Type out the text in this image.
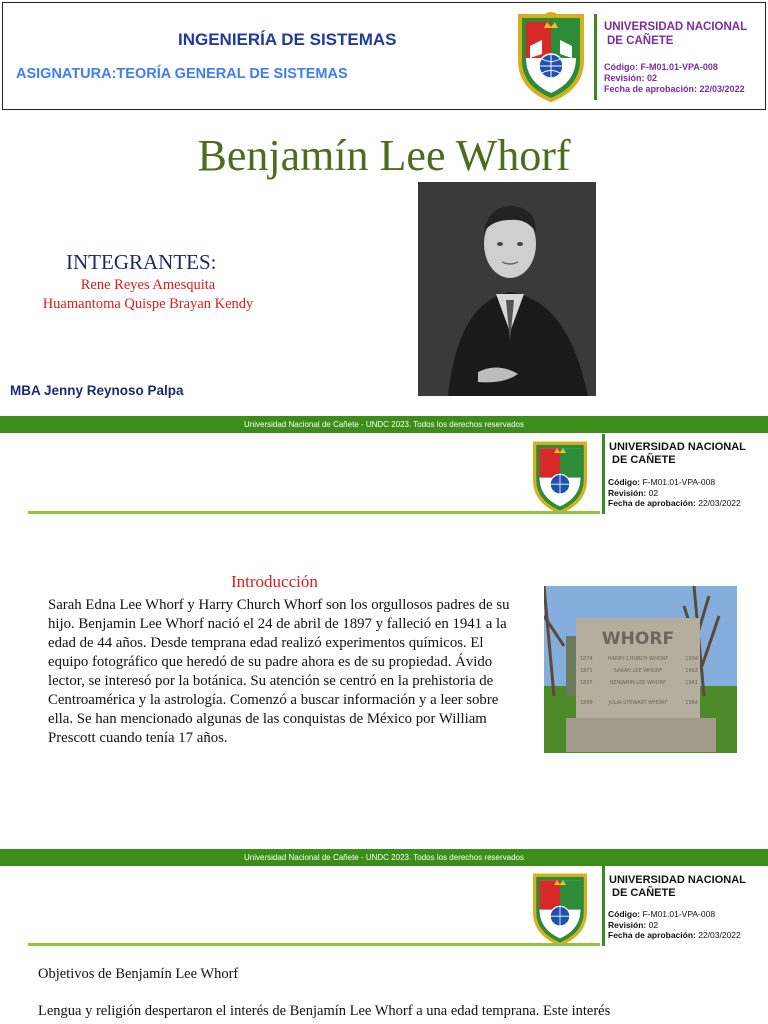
INGENIERÍA DE SISTEMAS
ASIGNATURA:TEORÍA GENERAL DE SISTEMAS
UNIVERSIDAD NACIONAL
DE CAÑETE
Código: F-M01.01-VPA-008
Revisión: 02
Fecha de aprobación: 22/03/2022
Benjamín Lee Whorf
INTEGRANTES:
Rene Reyes Amesquita
Huamantoma Quispe Brayan Kendy
MBA Jenny Reynoso Palpa
Universidad Nacional de Cañete - UNDC 2023. Todos los derechos reservados
UNIVERSIDAD NACIONAL
DE CAÑETE
Código: F-M01.01-VPA-008
Revisión: 02
Fecha de aprobación: 22/03/2022
Introducción
Sarah Edna Lee Whorf y Harry Church Whorf son los orgullosos padres de su hijo. Benjamin Lee Whorf nació el 24 de abril de 1897 y falleció en 1941 a la edad de 44 años. Desde temprana edad realizó experimentos químicos. El equipo fotográfico que heredó de su padre ahora es de su propiedad. Ávido lector, se interesó por la botánica. Su atención se centró en la prehistoria de Centroamérica y la astrología. Comenzó a buscar información y a leer sobre ella. Se han mencionado algunas de las conquistas de México por William Prescott cuando tenía 17 años.
WHORF
1874	HARRY CHURCH WHORF	1934
1871	SARAH LEE WHORF	1962
1897	BENJAMIN LEE WHORF	1941
1899	JULIA STEWART WHORF	1984
Universidad Nacional de Cañete - UNDC 2023. Todos los derechos reservados
UNIVERSIDAD NACIONAL
DE CAÑETE
Código: F-M01.01-VPA-008
Revisión: 02
Fecha de aprobación: 22/03/2022
Objetivos de Benjamín Lee Whorf
Lengua y religión despertaron el interés de Benjamín Lee Whorf a una edad temprana. Este interés
